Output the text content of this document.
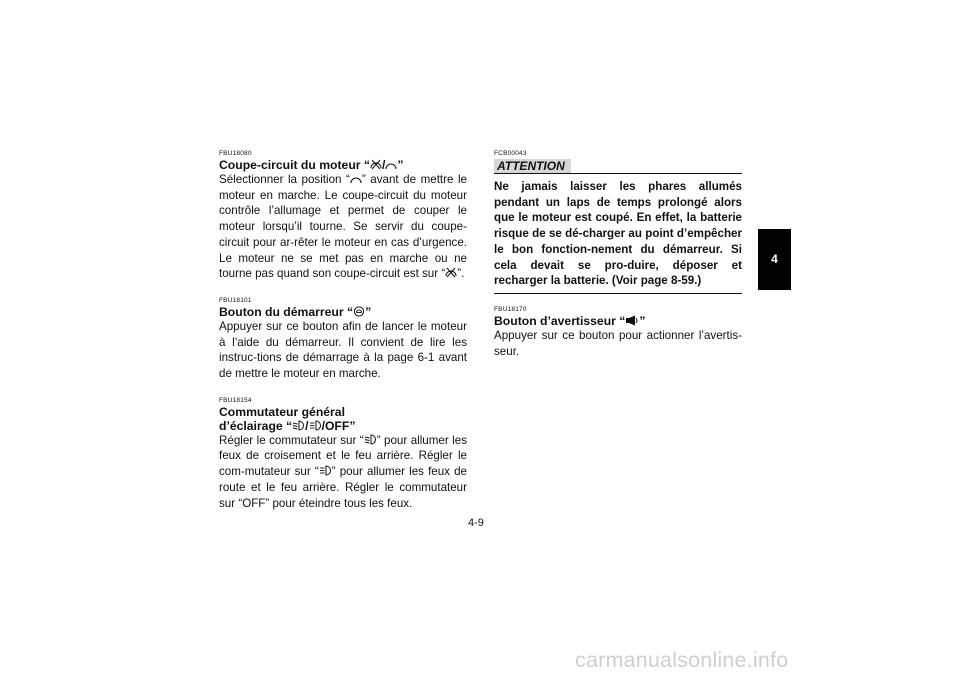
FBU18080
Coupe-circuit du moteur “ / ”

Sélectionner la position “ ” avant de mettre le moteur en marche. Le coupe-circuit du moteur contrôle l’allumage et permet de couper le moteur lorsqu’il tourne. Se servir du coupe-circuit pour ar-rêter le moteur en cas d’urgence. Le moteur ne se met pas en marche ou ne tourne pas quand son coupe-circuit est sur “ ”.

FBU18101
Bouton du démarreur “ ”

Appuyer sur ce bouton afin de lancer le moteur à l’aide du démarreur. Il convient de lire les instruc-tions de démarrage à la page 6-1 avant de mettre le moteur en marche.

FBU18154
Commutateur général
d’éclairage “ / /OFF”

Régler le commutateur sur “ ” pour allumer les feux de croisement et le feu arrière. Régler le com-mutateur sur “ ” pour allumer les feux de route et le feu arrière. Régler le commutateur sur “OFF” pour éteindre tous les feux.

FCB00043
ATTENTION

Ne jamais laisser les phares allumés pendant un laps de temps prolongé alors que le moteur est coupé. En effet, la batterie risque de se dé-charger au point d’empêcher le bon fonction-nement du démarreur. Si cela devait se pro-duire, déposer et recharger la batterie. (Voir page 8-59.)

FBU18170
Bouton d’avertisseur “ ”

Appuyer sur ce bouton pour actionner l’avertis-seur.

4
4-9
carmanualsonline.info
